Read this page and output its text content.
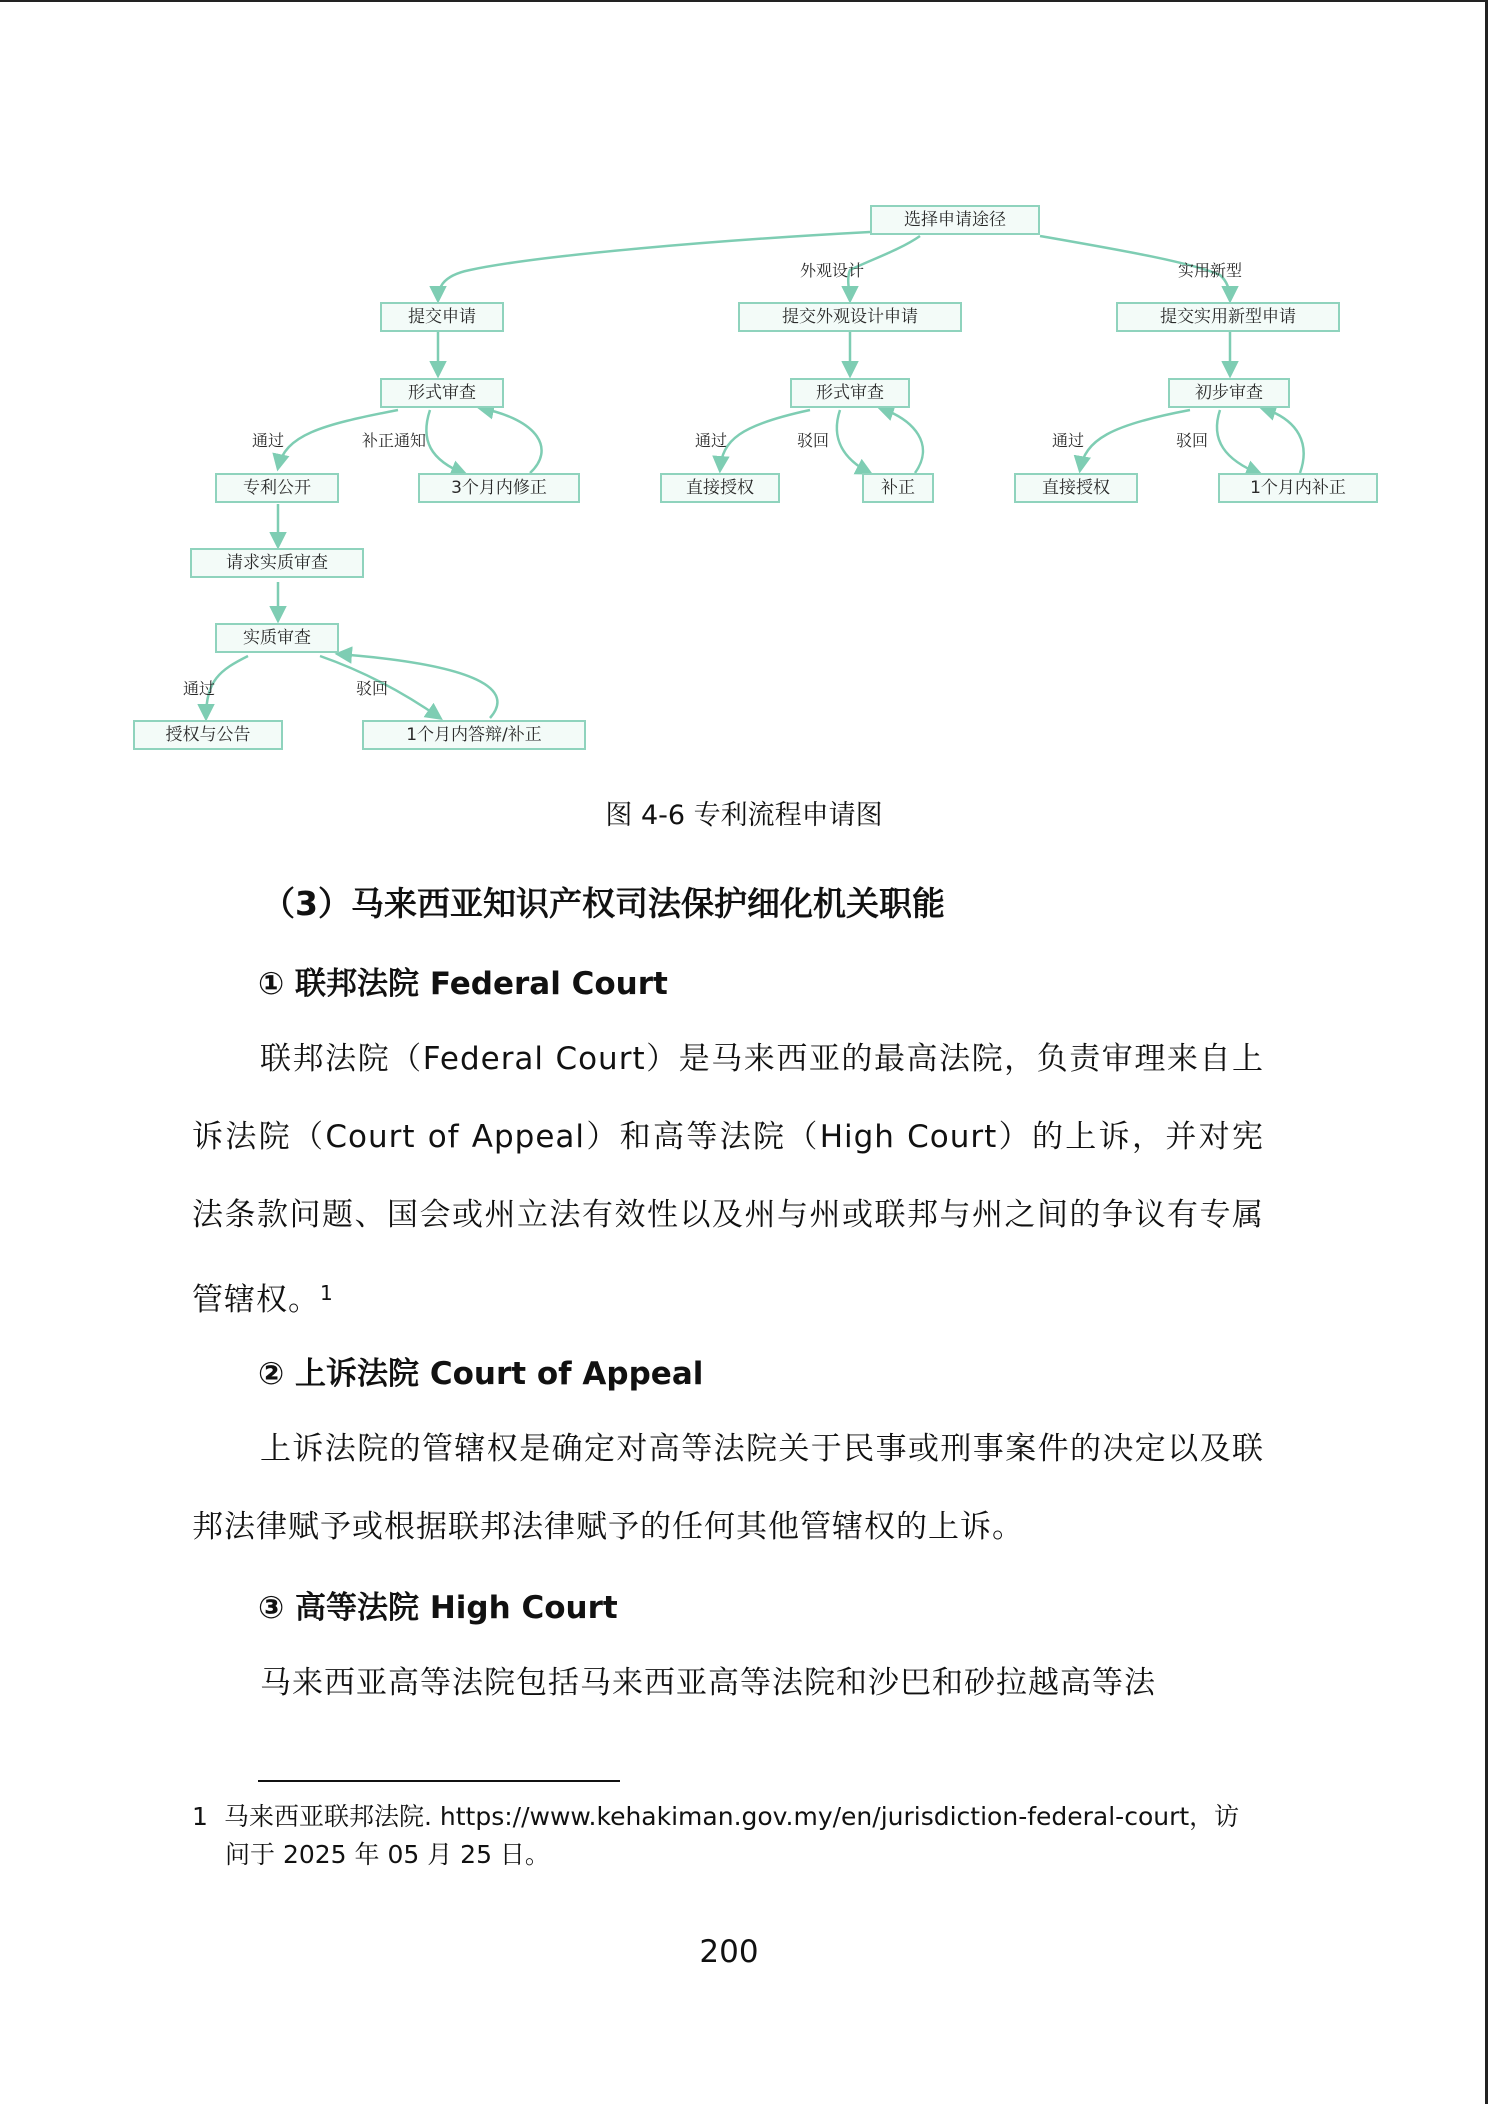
选择申请途径
提交申请
形式审查
专利公开	3个月内修正
请求实质审查
实质审查
授权与公告	1个月内答辩/补正
提交外观设计申请
形式审查
直接授权	补正
提交实用新型申请
初步审查
直接授权	1个月内补正
外观设计	实用新型
通过	补正通知	通过	驳回	通过	驳回
通过	驳回
图 4-6 专利流程申请图
（3）马来西亚知识产权司法保护细化机关职能
① 联邦法院 Federal Court

联邦法院（Federal Court）是马来西亚的最高法院，负责审理来自上诉法院（Court of Appeal）和高等法院（High Court）的上诉，并对宪法条款问题、国会或州立法有效性以及州与州或联邦与州之间的争议有专属管辖权。1

② 上诉法院 Court of Appeal

上诉法院的管辖权是确定对高等法院关于民事或刑事案件的决定以及联邦法律赋予或根据联邦法律赋予的任何其他管辖权的上诉。

③ 高等法院 High Court

马来西亚高等法院包括马来西亚高等法院和沙巴和砂拉越高等法

1 马来西亚联邦法院. https://www.kehakiman.gov.my/en/jurisdiction-federal-court，访
问于 2025 年 05 月 25 日。

200
